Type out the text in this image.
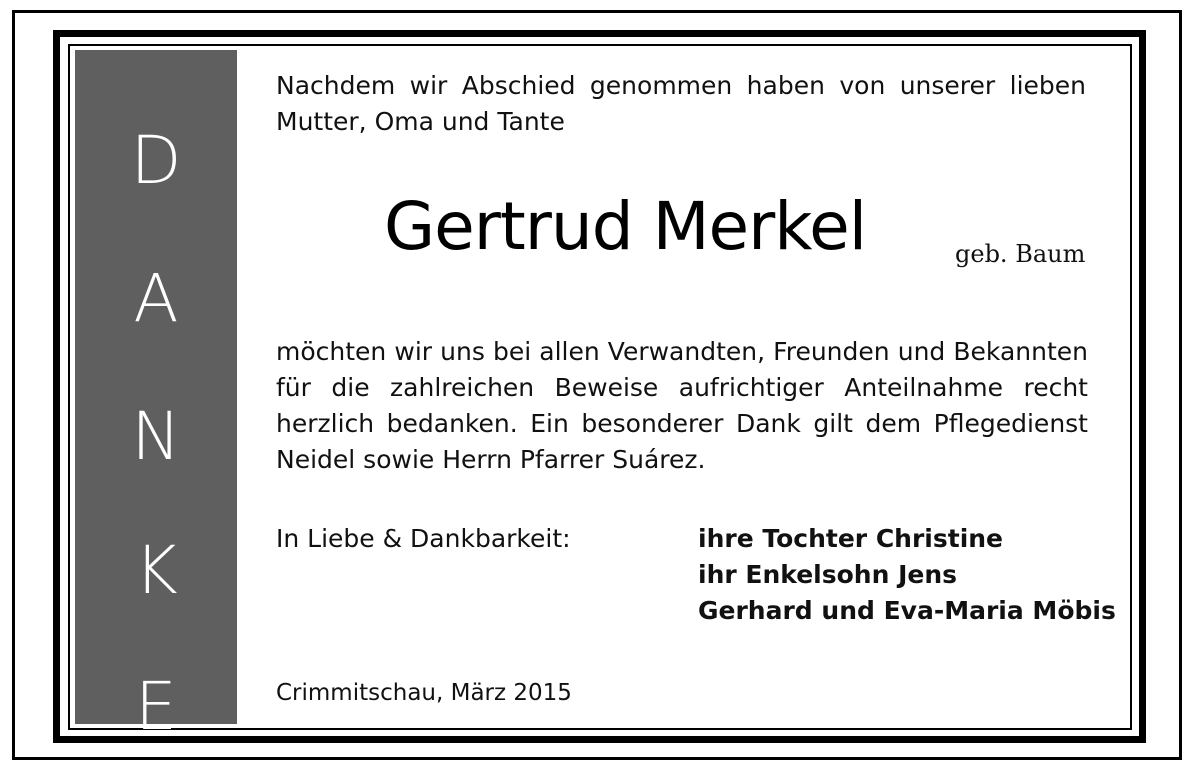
D
A
N
K
E
Nachdem wir Abschied genommen haben von unserer lieben Mutter, Oma und Tante
Gertrud Merkel	geb. Baum
möchten wir uns bei allen Verwandten, Freunden und Bekannten für die zahlreichen Beweise aufrichtiger Anteilnahme recht herzlich bedanken. Ein besonderer Dank gilt dem Pflegedienst Neidel sowie Herrn Pfarrer Suárez.
In Liebe & Dankbarkeit:	ihre Tochter Christine
ihr Enkelsohn Jens
Gerhard und Eva-Maria Möbis
Crimmitschau, März 2015
